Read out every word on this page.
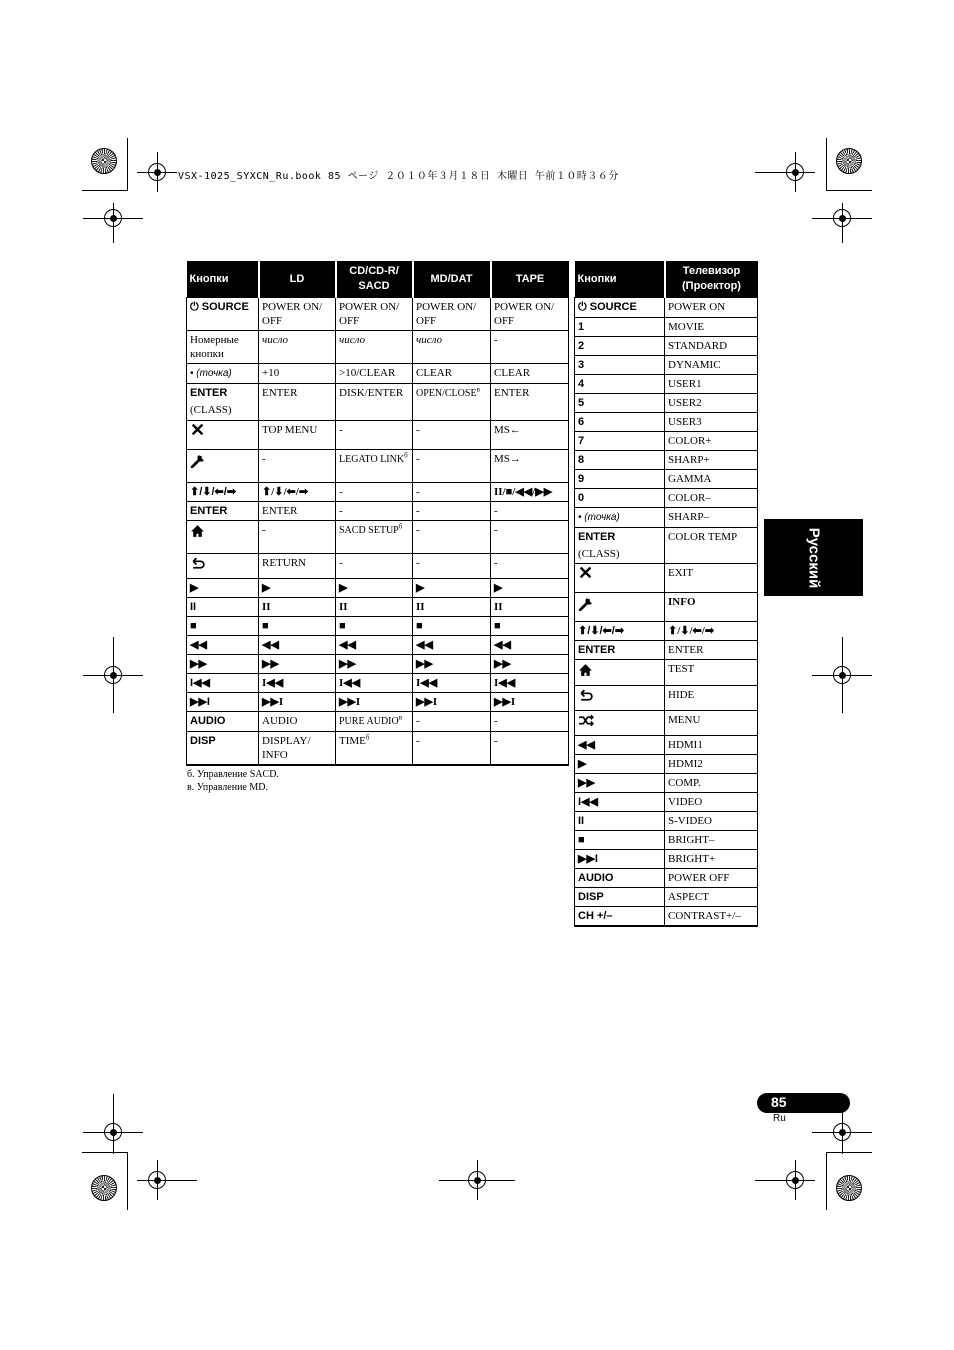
VSX-1025_SYXCN_Ru.book 85 ページ ２０１０年３月１８日 木曜日 午前１０時３６分
Кнопки	LD	CD/CD-R/ SACD	MD/DAT	TAPE
⏻ SOURCE	POWER ON/ OFF	POWER ON/ OFF	POWER ON/ OFF	POWER ON/ OFF
Номерные кнопки	число	число	число	-
• (точка)	+10	>10/CLEAR	CLEAR	CLEAR
ENTER
(CLASS)	ENTER	DISK/ENTER	OPEN/$CLOSE^в$	ENTER
✕	TOP MENU	-	-	MS←
	-	LEGATO $LINK^б$	-	MS→
⬆/⬇/⬅/➡	⬆/⬇/⬅/➡	-	-	II/■/◀◀/▶▶
ENTER	ENTER	-	-	-
	-	SACD $SETUP^б$	-	-
	RETURN	-	-	-
▶	▶	▶	▶	▶
II	II	II	II	II
■	■	■	■	■
◀◀	◀◀	◀◀	◀◀	◀◀
▶▶	▶▶	▶▶	▶▶	▶▶
I◀◀	I◀◀	I◀◀	I◀◀	I◀◀
▶▶I	▶▶I	▶▶I	▶▶I	▶▶I
AUDIO	AUDIO	PURE $AUDIO^в$	-	-
DISP	DISPLAY/ INFO	$TIME^б$	-	-
б. Управление SACD.
в. Управление MD.
Кнопки	Телевизор (Проектор)
⏻ SOURCE	POWER ON
1	MOVIE
2	STANDARD
3	DYNAMIC
4	USER1
5	USER2
6	USER3
7	COLOR+
8	SHARP+
9	GAMMA
0	COLOR–
• (точка)	SHARP–
ENTER
(CLASS)	COLOR TEMP
✕	EXIT
	INFO
⬆/⬇/⬅/➡	⬆/⬇/⬅/➡
ENTER	ENTER
	TEST
	HIDE
	MENU
◀◀	HDMI1
▶	HDMI2
▶▶	COMP.
I◀◀	VIDEO
II	S-VIDEO
■	BRIGHT–
▶▶I	BRIGHT+
AUDIO	POWER OFF
DISP	ASPECT
CH +/–	CONTRAST+/–
Русский
85
Ru
